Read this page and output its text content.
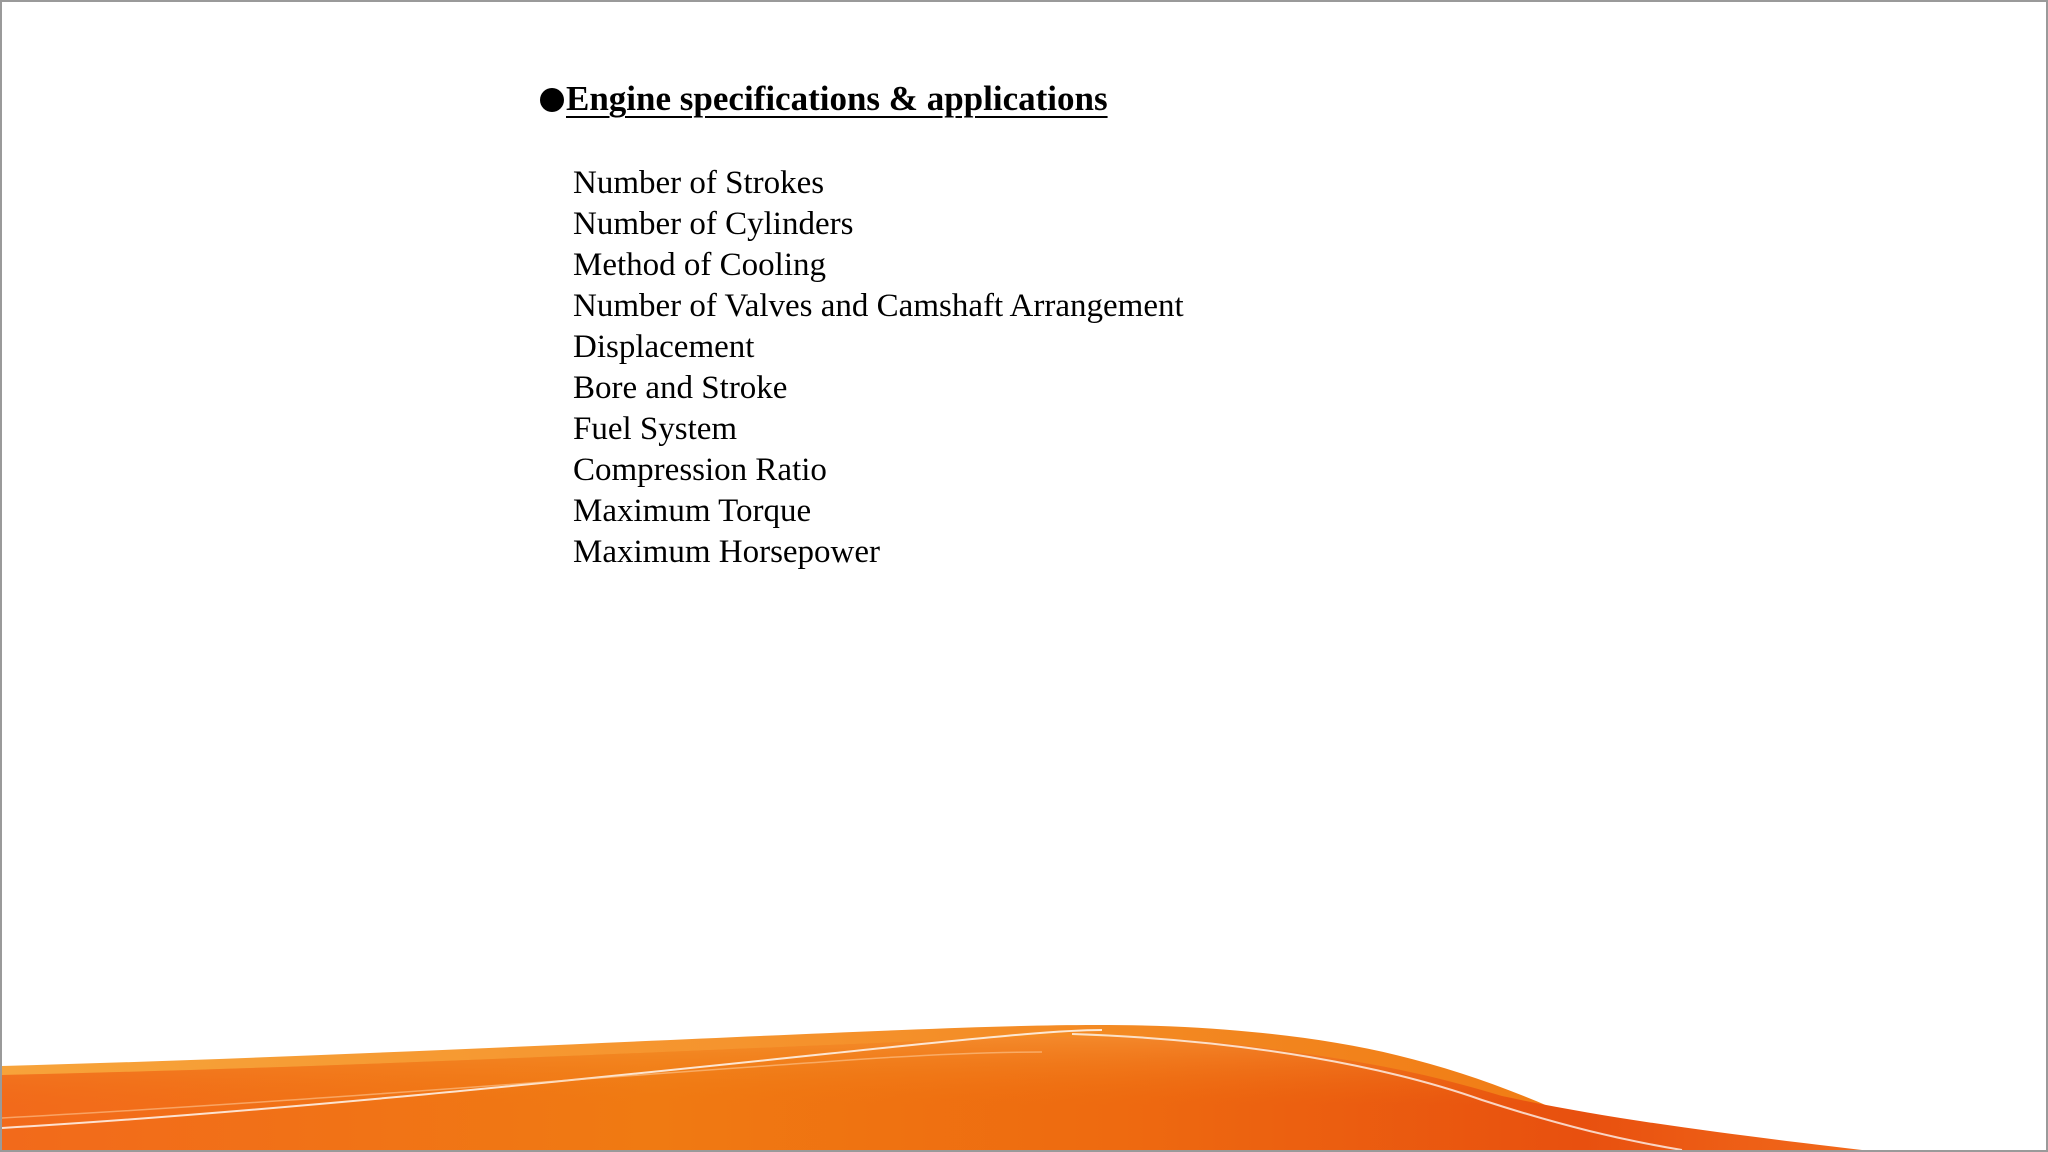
Engine specifications & applications
Number of Strokes
Number of Cylinders
Method of Cooling
Number of Valves and Camshaft Arrangement
Displacement
Bore and Stroke
Fuel System
Compression Ratio
Maximum Torque
Maximum Horsepower
